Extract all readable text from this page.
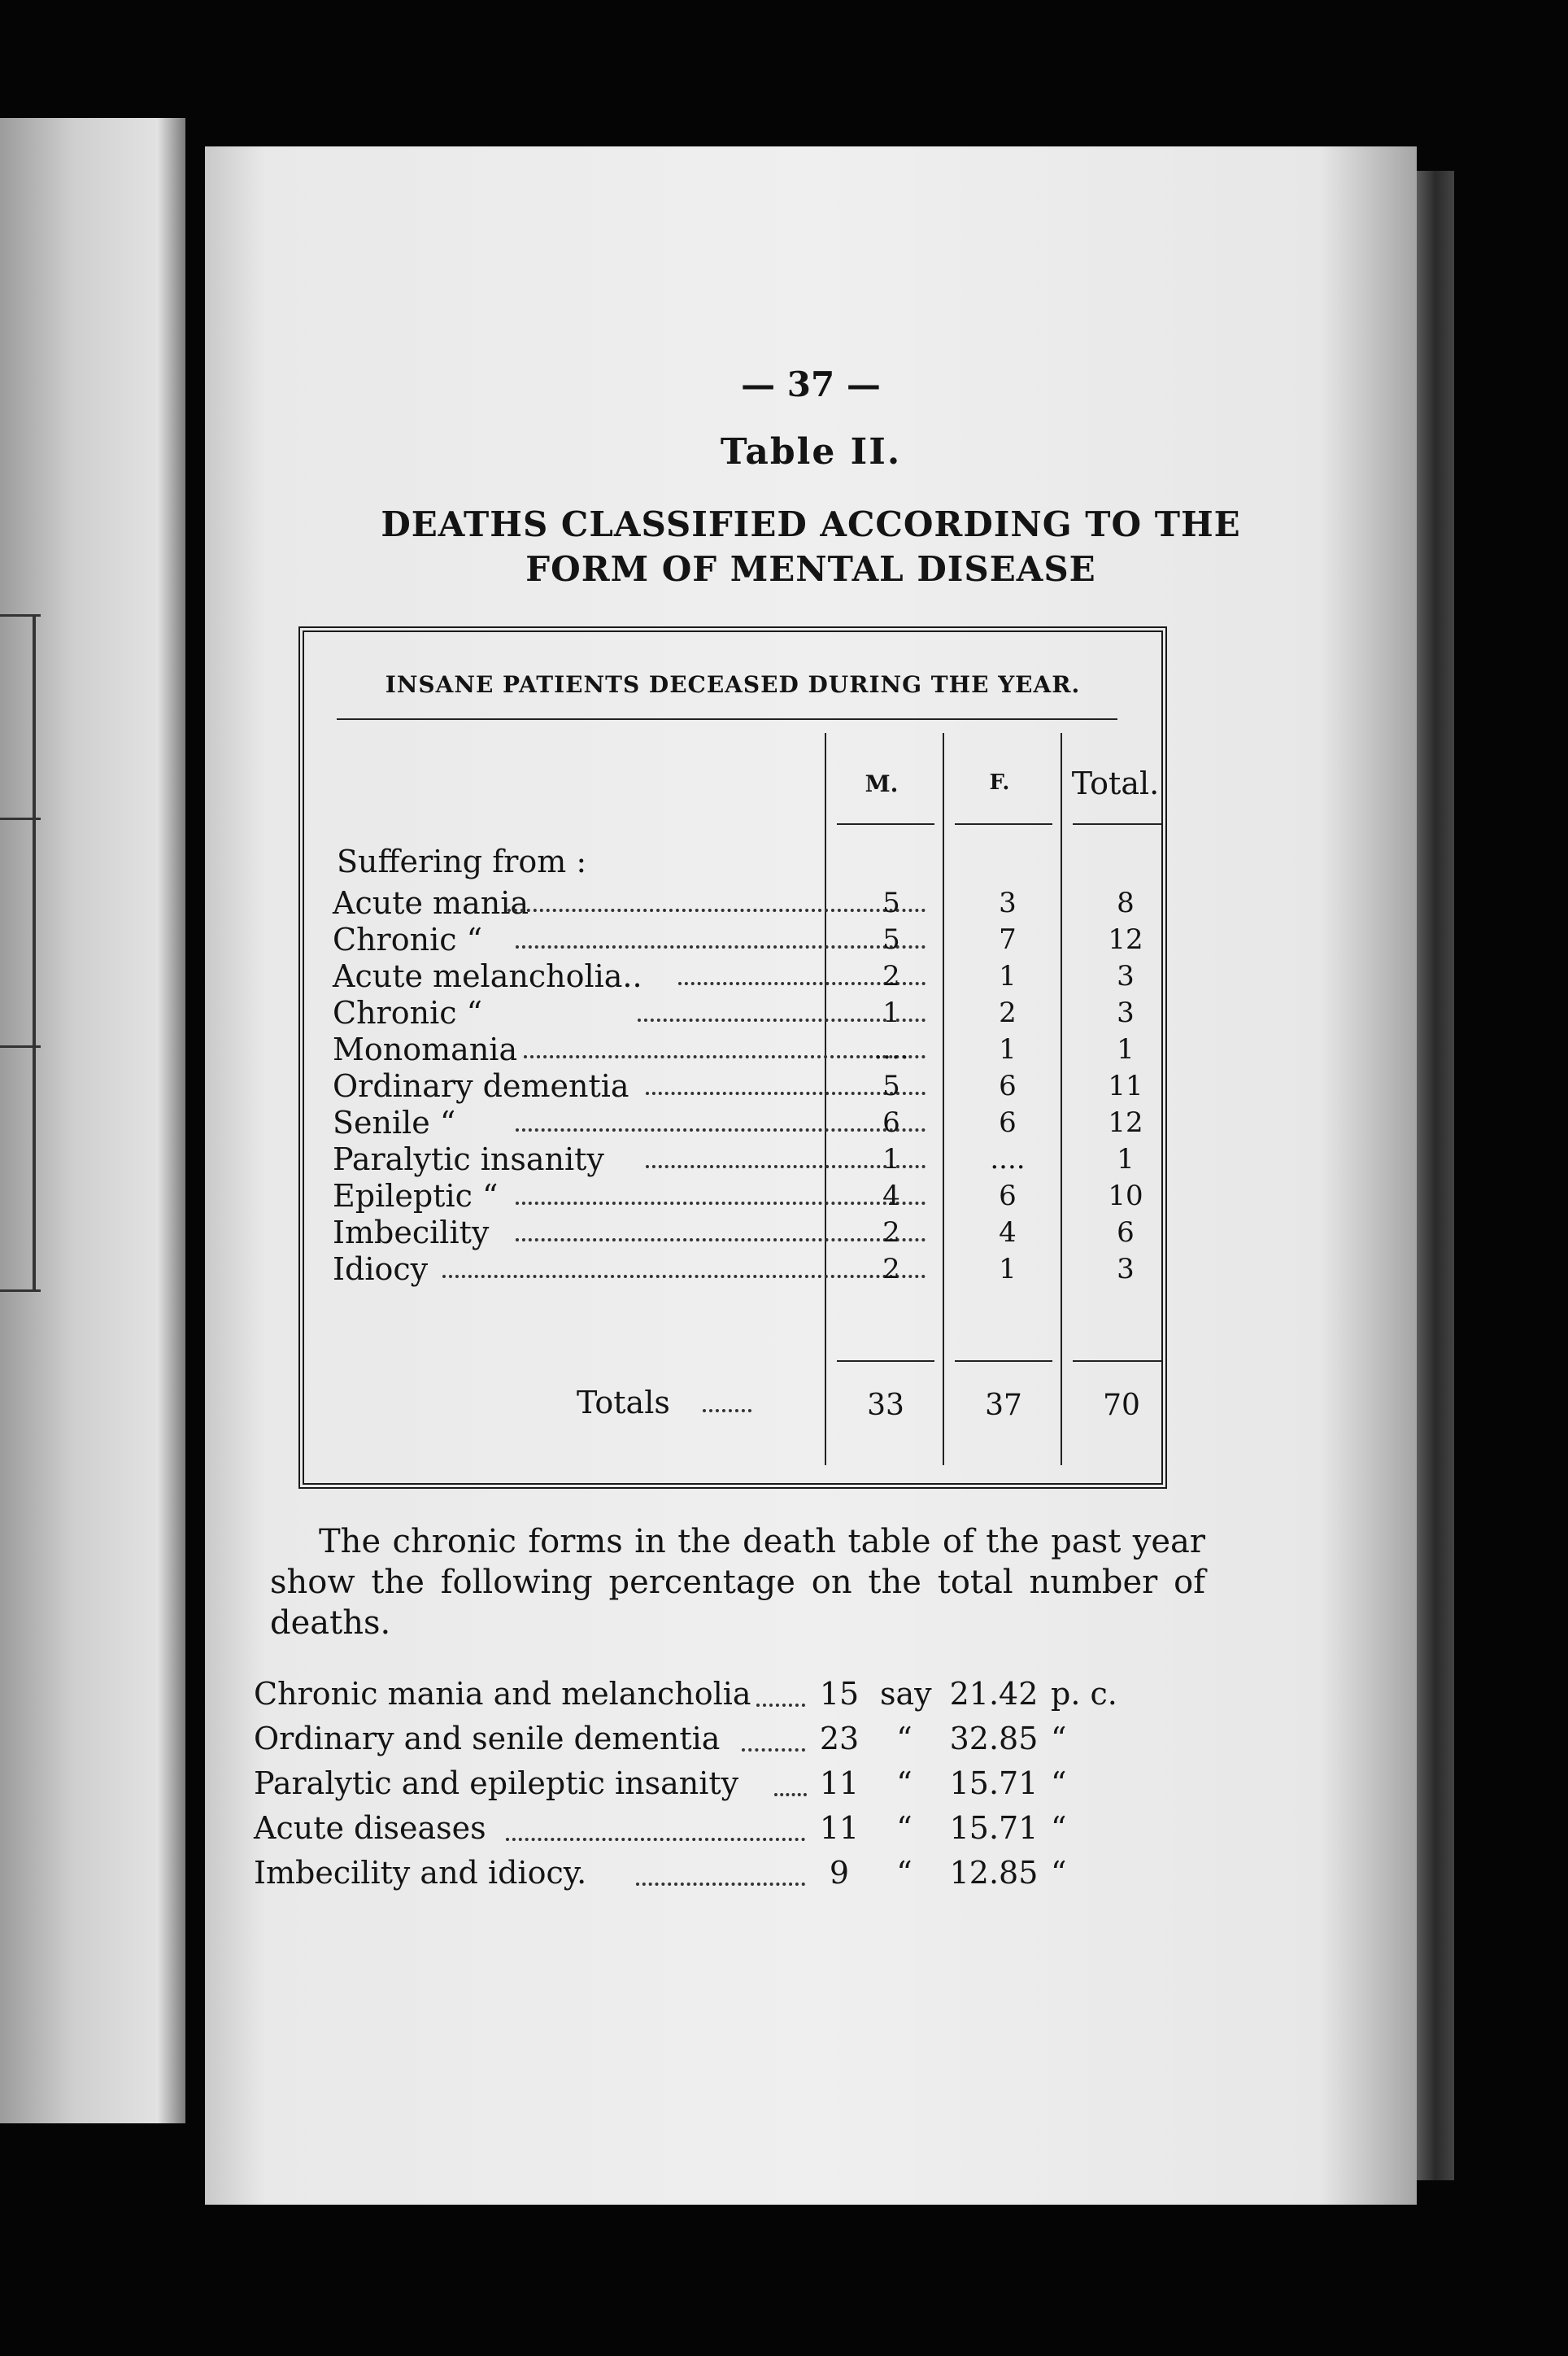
— 37 —
Table II.
DEATHS CLASSIFIED ACCORDING TO THE
FORM OF MENTAL DISEASE
INSANE PATIENTS DECEASED DURING THE YEAR.
M.	F.	Total.
Suffering from :
Acute mania	5	3	8
Chronic “	5	7	12
Acute melancholia..	2	1	3
Chronic “	1	2	3
Monomania	....	1	1
Ordinary dementia	5	6	11
Senile “	6	6	12
Paralytic insanity	1	....	1
Epileptic “	4	6	10
Imbecility	2	4	6
Idiocy	2	1	3
Totals	33	37	70
The chronic forms in the death table of the past year show the following percentage on the total number of deaths.
Chronic mania and melancholia 15 say 21.42 p. c.
Ordinary and senile dementia	23	“	32.85 “
Paralytic and epileptic insanity	11	“	15.71 “
Acute diseases	11	“	15.71 “
Imbecility and idiocy.	9	“	12.85 “
